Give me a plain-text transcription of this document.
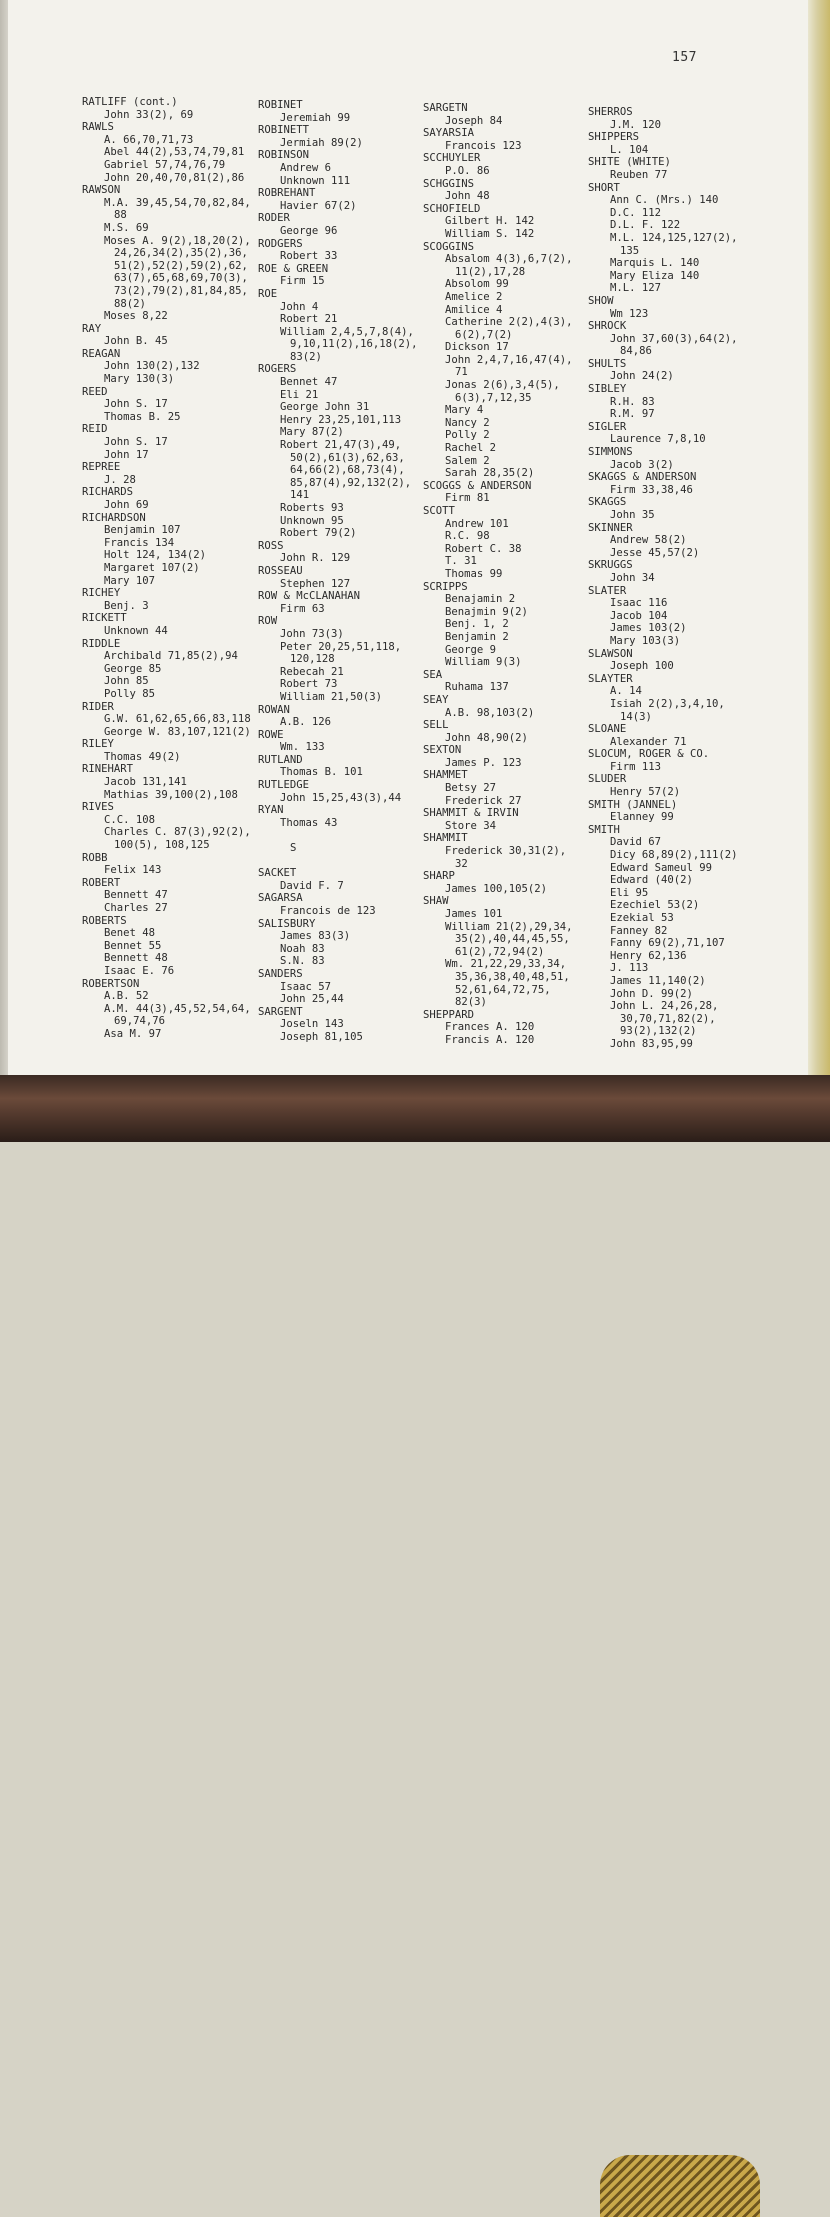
157
RATLIFF (cont.)
John 33(2), 69
RAWLS
A. 66,70,71,73
Abel 44(2),53,74,79,81
Gabriel 57,74,76,79
John 20,40,70,81(2),86
RAWSON
M.A. 39,45,54,70,82,84,
88
M.S. 69
Moses A. 9(2),18,20(2),
24,26,34(2),35(2),36,
51(2),52(2),59(2),62,
63(7),65,68,69,70(3),
73(2),79(2),81,84,85,
88(2)
Moses 8,22
RAY
John B. 45
REAGAN
John 130(2),132
Mary 130(3)
REED
John S. 17
Thomas B. 25
REID
John S. 17
John 17
REPREE
J. 28
RICHARDS
John 69
RICHARDSON
Benjamin 107
Francis 134
Holt 124, 134(2)
Margaret 107(2)
Mary 107
RICHEY
Benj. 3
RICKETT
Unknown 44
RIDDLE
Archibald 71,85(2),94
George 85
John 85
Polly 85
RIDER
G.W. 61,62,65,66,83,118
George W. 83,107,121(2)
RILEY
Thomas 49(2)
RINEHART
Jacob 131,141
Mathias 39,100(2),108
RIVES
C.C. 108
Charles C. 87(3),92(2),
100(5), 108,125
ROBB
Felix 143
ROBERT
Bennett 47
Charles 27
ROBERTS
Benet 48
Bennet 55
Bennett 48
Isaac E. 76
ROBERTSON
A.B. 52
A.M. 44(3),45,52,54,64,
69,74,76
Asa M. 97
ROBINET
Jeremiah 99
ROBINETT
Jermiah 89(2)
ROBINSON
Andrew 6
Unknown 111
ROBREHANT
Havier 67(2)
RODER
George 96
RODGERS
Robert 33
ROE & GREEN
Firm 15
ROE
John 4
Robert 21
William 2,4,5,7,8(4),
9,10,11(2),16,18(2),
83(2)
ROGERS
Bennet 47
Eli 21
George John 31
Henry 23,25,101,113
Mary 87(2)
Robert 21,47(3),49,
50(2),61(3),62,63,
64,66(2),68,73(4),
85,87(4),92,132(2),
141
Roberts 93
Unknown 95
Robert 79(2)
ROSS
John R. 129
ROSSEAU
Stephen 127
ROW & McCLANAHAN
Firm 63
ROW
John 73(3)
Peter 20,25,51,118,
120,128
Rebecah 21
Robert 73
William 21,50(3)
ROWAN
A.B. 126
ROWE
Wm. 133
RUTLAND
Thomas B. 101
RUTLEDGE
John 15,25,43(3),44
RYAN
Thomas 43
S
SACKET
David F. 7
SAGARSA
Francois de 123
SALISBURY
James 83(3)
Noah 83
S.N. 83
SANDERS
Isaac 57
John 25,44
SARGENT
Joseln 143
Joseph 81,105
SARGETN
Joseph 84
SAYARSIA
Francois 123
SCCHUYLER
P.O. 86
SCHGGINS
John 48
SCHOFIELD
Gilbert H. 142
William S. 142
SCOGGINS
Absalom 4(3),6,7(2),
11(2),17,28
Absolom 99
Amelice 2
Amilice 4
Catherine 2(2),4(3),
6(2),7(2)
Dickson 17
John 2,4,7,16,47(4),
71
Jonas 2(6),3,4(5),
6(3),7,12,35
Mary 4
Nancy 2
Polly 2
Rachel 2
Salem 2
Sarah 28,35(2)
SCOGGS & ANDERSON
Firm 81
SCOTT
Andrew 101
R.C. 98
Robert C. 38
T. 31
Thomas 99
SCRIPPS
Benajamin 2
Benajmin 9(2)
Benj. 1, 2
Benjamin 2
George 9
William 9(3)
SEA
Ruhama 137
SEAY
A.B. 98,103(2)
SELL
John 48,90(2)
SEXTON
James P. 123
SHAMMET
Betsy 27
Frederick 27
SHAMMIT & IRVIN
Store 34
SHAMMIT
Frederick 30,31(2),
32
SHARP
James 100,105(2)
SHAW
James 101
William 21(2),29,34,
35(2),40,44,45,55,
61(2),72,94(2)
Wm. 21,22,29,33,34,
35,36,38,40,48,51,
52,61,64,72,75,
82(3)
SHEPPARD
Frances A. 120
Francis A. 120
SHERROS
J.M. 120
SHIPPERS
L. 104
SHITE (WHITE)
Reuben 77
SHORT
Ann C. (Mrs.) 140
D.C. 112
D.L. F. 122
M.L. 124,125,127(2),
135
Marquis L. 140
Mary Eliza 140
M.L. 127
SHOW
Wm 123
SHROCK
John 37,60(3),64(2),
84,86
SHULTS
John 24(2)
SIBLEY
R.H. 83
R.M. 97
SIGLER
Laurence 7,8,10
SIMMONS
Jacob 3(2)
SKAGGS & ANDERSON
Firm 33,38,46
SKAGGS
John 35
SKINNER
Andrew 58(2)
Jesse 45,57(2)
SKRUGGS
John 34
SLATER
Isaac 116
Jacob 104
James 103(2)
Mary 103(3)
SLAWSON
Joseph 100
SLAYTER
A. 14
Isiah 2(2),3,4,10,
14(3)
SLOANE
Alexander 71
SLOCUM, ROGER & CO.
Firm 113
SLUDER
Henry 57(2)
SMITH (JANNEL)
Elanney 99
SMITH
David 67
Dicy 68,89(2),111(2)
Edward Sameul 99
Edward (40(2)
Eli 95
Ezechiel 53(2)
Ezekial 53
Fanney 82
Fanny 69(2),71,107
Henry 62,136
J. 113
James 11,140(2)
John D. 99(2)
John L. 24,26,28,
30,70,71,82(2),
93(2),132(2)
John 83,95,99
